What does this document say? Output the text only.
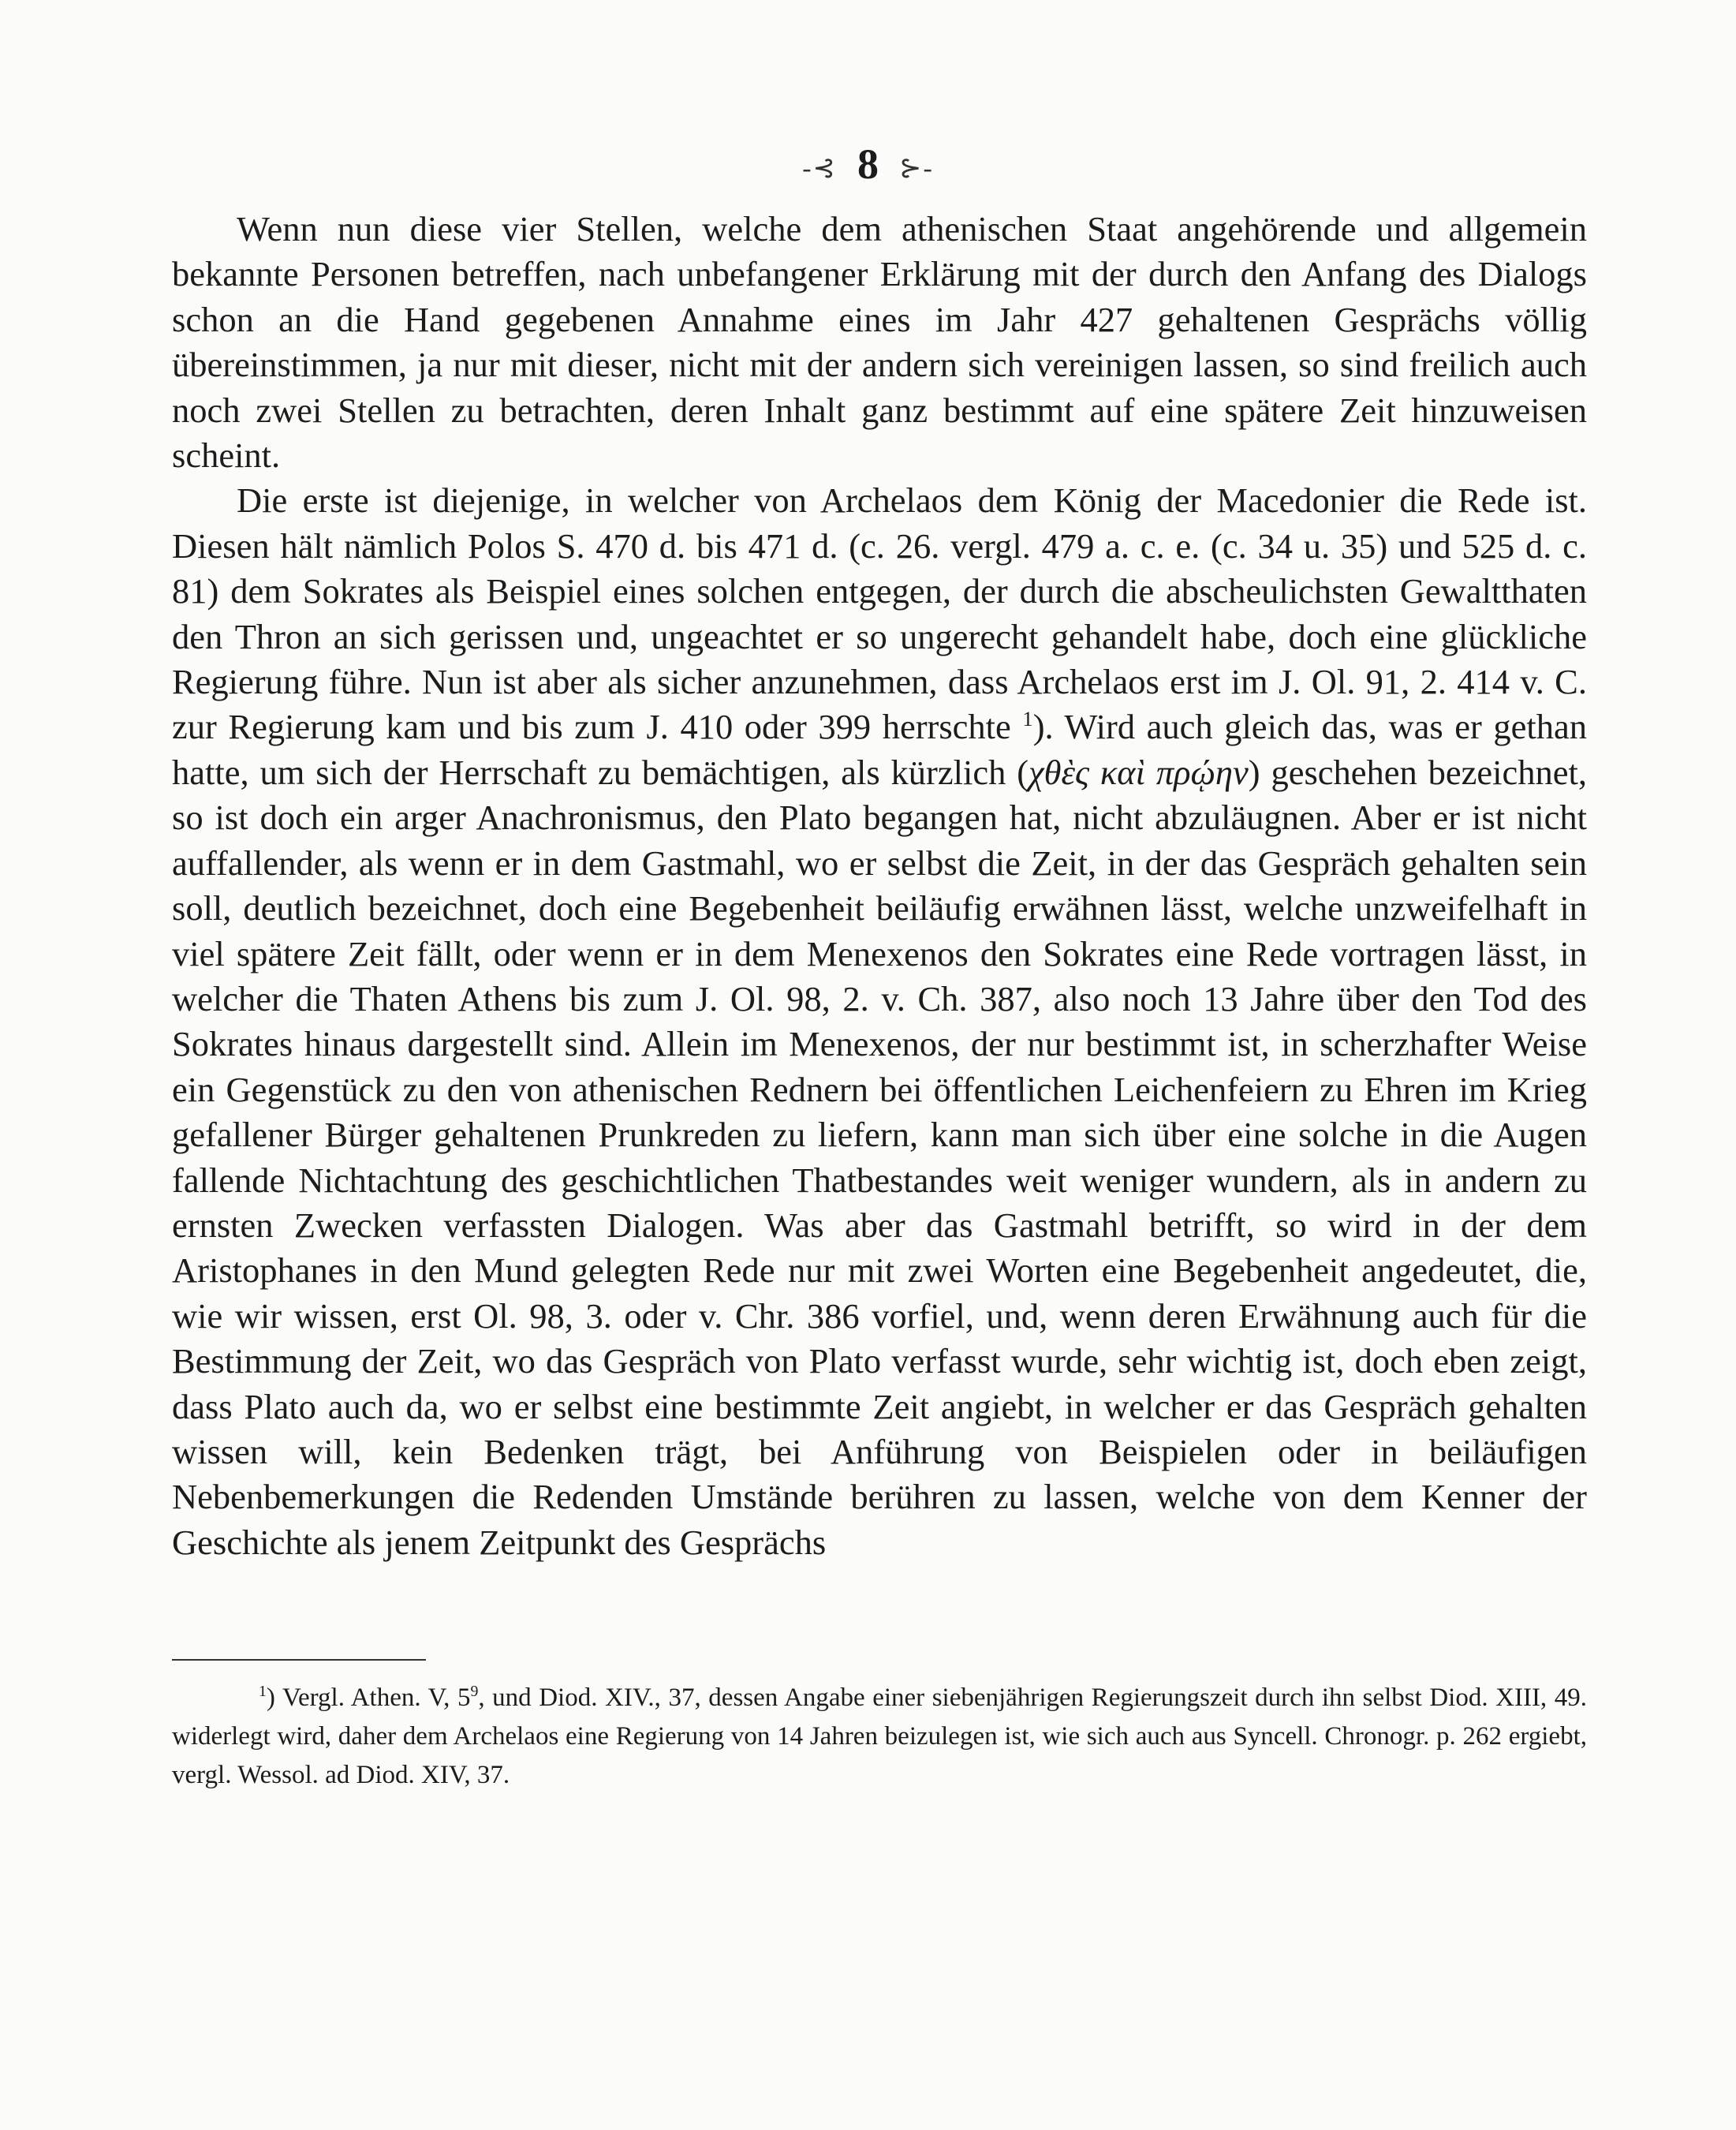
-⊰ 8 ⊱-

Wenn nun diese vier Stellen, welche dem athenischen Staat angehörende und allgemein bekannte Personen betreffen, nach unbefangener Erklärung mit der durch den Anfang des Dialogs schon an die Hand gegebenen Annahme eines im Jahr 427 gehaltenen Gesprächs völlig übereinstimmen, ja nur mit dieser, nicht mit der andern sich vereinigen lassen, so sind freilich auch noch zwei Stellen zu betrachten, deren Inhalt ganz bestimmt auf eine spätere Zeit hinzuweisen scheint.

Die erste ist diejenige, in welcher von Archelaos dem König der Macedonier die Rede ist. Diesen hält nämlich Polos S. 470 d. bis 471 d. (c. 26. vergl. 479 a. c. e. (c. 34 u. 35) und 525 d. c. 81) dem Sokrates als Beispiel eines solchen entgegen, der durch die abscheulichsten Gewaltthaten den Thron an sich gerissen und, ungeachtet er so ungerecht gehandelt habe, doch eine glückliche Regierung führe. Nun ist aber als sicher anzunehmen, dass Archelaos erst im J. Ol. 91, 2. 414 v. C. zur Regierung kam und bis zum J. 410 oder 399 herrschte $^1$). Wird auch gleich das, was er gethan hatte, um sich der Herrschaft zu bemächtigen, als kürzlich (χθὲς καὶ πρῴην) geschehen bezeichnet, so ist doch ein arger Anachronismus, den Plato begangen hat, nicht abzuläugnen. Aber er ist nicht auffallender, als wenn er in dem Gastmahl, wo er selbst die Zeit, in der das Gespräch gehalten sein soll, deutlich bezeichnet, doch eine Begebenheit beiläufig erwähnen lässt, welche unzweifelhaft in viel spätere Zeit fällt, oder wenn er in dem Menexenos den Sokrates eine Rede vortragen lässt, in welcher die Thaten Athens bis zum J. Ol. 98, 2. v. Ch. 387, also noch 13 Jahre über den Tod des Sokrates hinaus dargestellt sind. Allein im Menexenos, der nur bestimmt ist, in scherzhafter Weise ein Gegenstück zu den von athenischen Rednern bei öffentlichen Leichenfeiern zu Ehren im Krieg gefallener Bürger gehaltenen Prunkreden zu liefern, kann man sich über eine solche in die Augen fallende Nichtachtung des geschichtlichen Thatbestandes weit weniger wundern, als in andern zu ernsten Zwecken verfassten Dialogen. Was aber das Gastmahl betrifft, so wird in der dem Aristophanes in den Mund gelegten Rede nur mit zwei Worten eine Begebenheit angedeutet, die, wie wir wissen, erst Ol. 98, 3. oder v. Chr. 386 vorfiel, und, wenn deren Erwähnung auch für die Bestimmung der Zeit, wo das Gespräch von Plato verfasst wurde, sehr wichtig ist, doch eben zeigt, dass Plato auch da, wo er selbst eine bestimmte Zeit angiebt, in welcher er das Gespräch gehalten wissen will, kein Bedenken trägt, bei Anführung von Beispielen oder in beiläufigen Nebenbemerkungen die Redenden Umstände berühren zu lassen, welche von dem Kenner der Geschichte als jenem Zeitpunkt des Gesprächs

$^1$) Vergl. Athen. V, $5^9$, und Diod. XIV., 37, dessen Angabe einer siebenjährigen Regierungszeit durch ihn selbst Diod. XIII, 49. widerlegt wird, daher dem Archelaos eine Regierung von 14 Jahren beizulegen ist, wie sich auch aus Syncell. Chronogr. p. 262 ergiebt, vergl. Wessol. ad Diod. XIV, 37.
